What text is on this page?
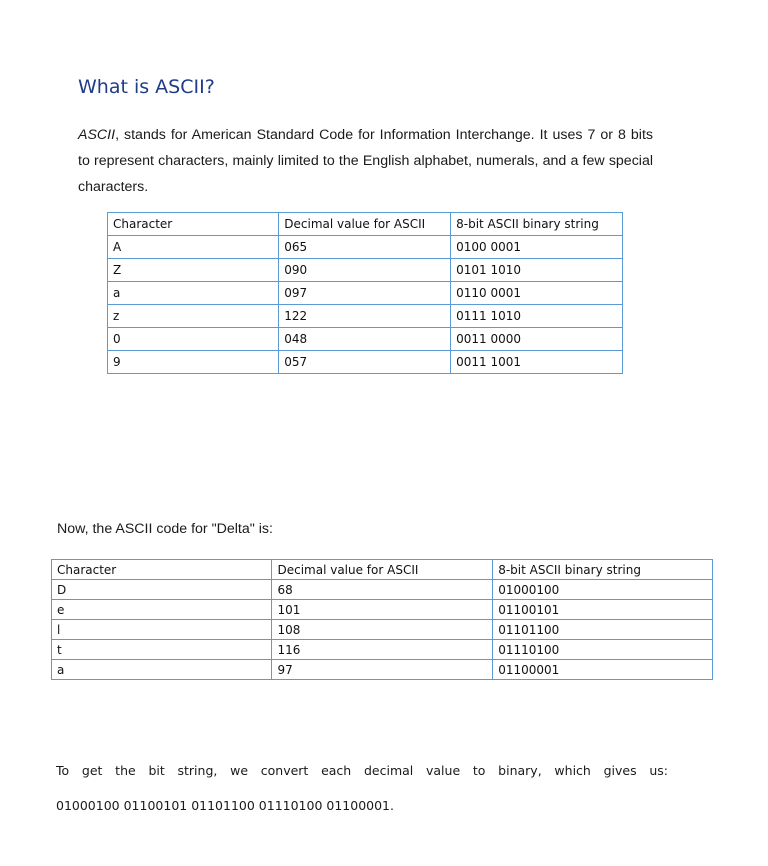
What is ASCII?

ASCII, stands for American Standard Code for Information Interchange. It uses 7 or 8 bits to represent characters, mainly limited to the English alphabet, numerals, and a few special characters.

Character	Decimal value for ASCII	8-bit ASCII binary string
A	065	0100 0001
Z	090	0101 1010
a	097	0110 0001
z	122	0111 1010
0	048	0011 0000
9	057	0011 1001

Now, the ASCII code for "Delta" is:

Character	Decimal value for ASCII	8-bit ASCII binary string
D	68	01000100
e	101	01100101
l	108	01101100
t	116	01110100
a	97	01100001

To get the bit string, we convert each decimal value to binary, which gives us:
01000100 01100101 01101100 01110100 01100001.
